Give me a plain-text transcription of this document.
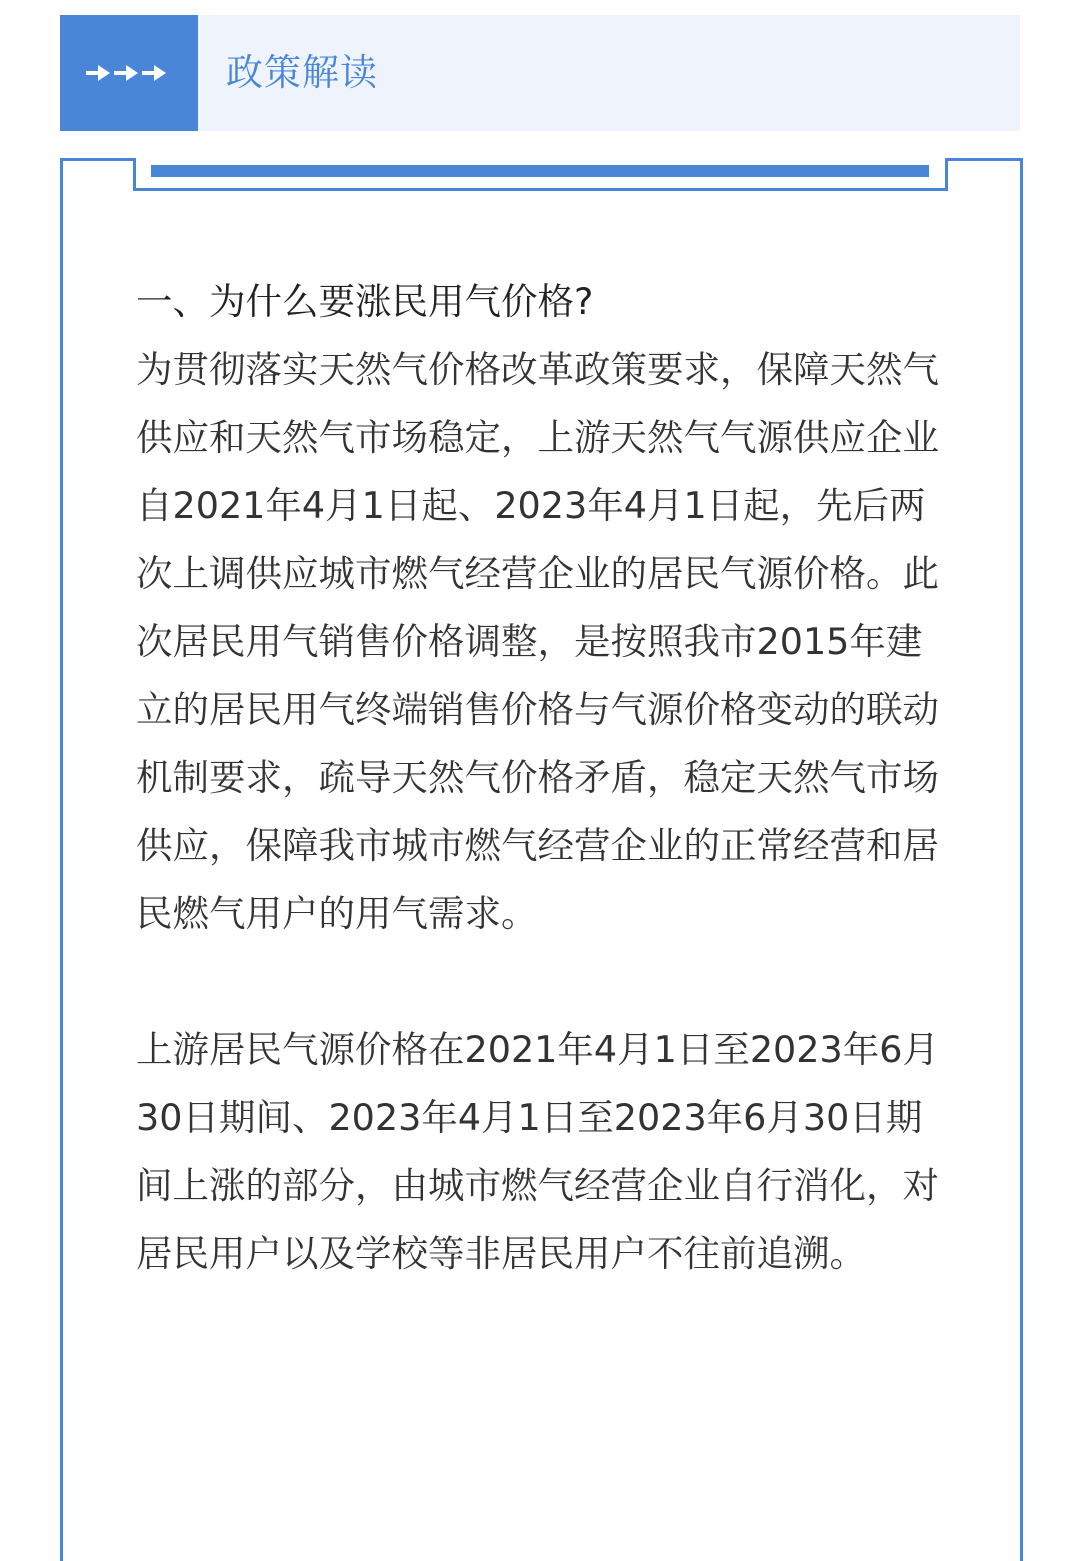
政策解读

一、为什么要涨民用气价格?

为贯彻落实天然气价格改革政策要求，保障天然气供应和天然气市场稳定，上游天然气气源供应企业自2021年4月1日起、2023年4月1日起，先后两次上调供应城市燃气经营企业的居民气源价格。此次居民用气销售价格调整，是按照我市2015年建立的居民用气终端销售价格与气源价格变动的联动机制要求，疏导天然气价格矛盾，稳定天然气市场供应，保障我市城市燃气经营企业的正常经营和居民燃气用户的用气需求。

上游居民气源价格在2021年4月1日至2023年6月30日期间、2023年4月1日至2023年6月30日期间上涨的部分，由城市燃气经营企业自行消化，对居民用户以及学校等非居民用户不往前追溯。
